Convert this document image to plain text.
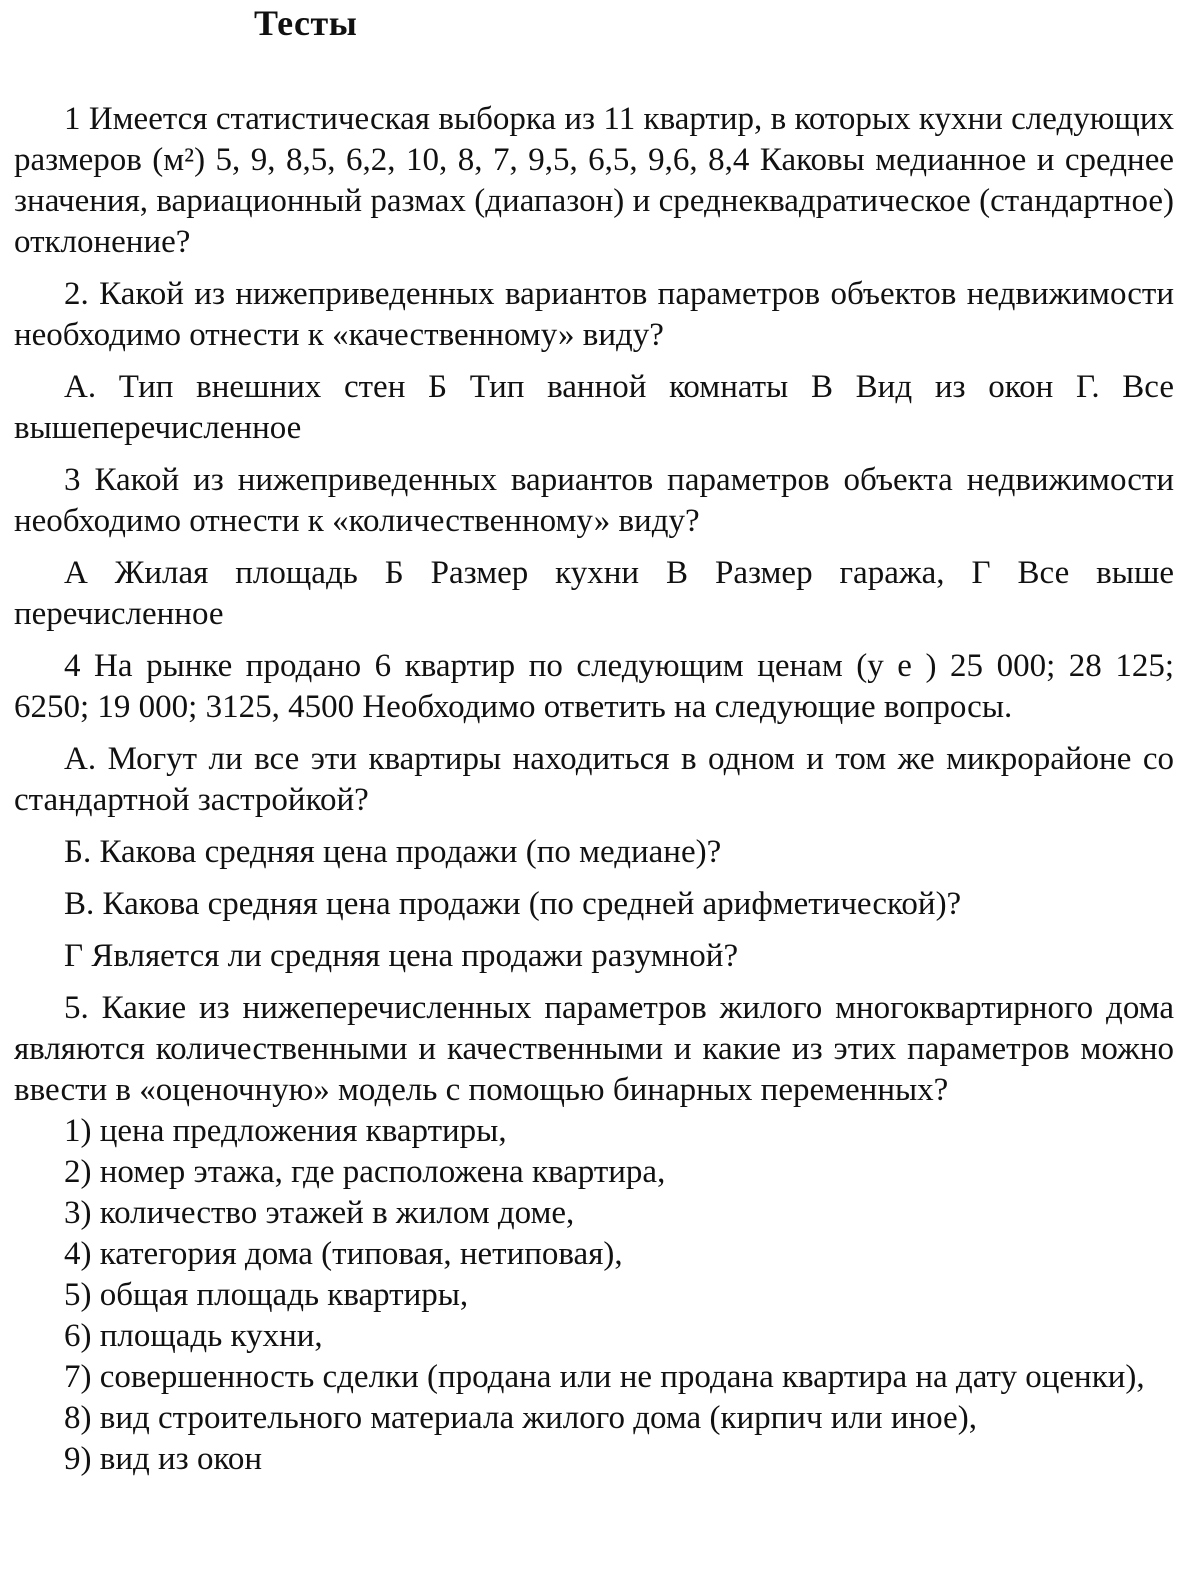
Тесты

1 Имеется статистическая выборка из 11 квартир, в которых кухни следующих размеров (м²) 5, 9, 8,5, 6,2, 10, 8, 7, 9,5, 6,5, 9,6, 8,4 Каковы медианное и среднее значения, вариационный размах (диапазон) и среднеквадратическое (стандартное) отклонение?

2. Какой из нижеприведенных вариантов параметров объектов недвижимости необходимо отнести к «качественному» виду?

А. Тип внешних стен Б Тип ванной комнаты В Вид из окон Г. Все вышеперечисленное

3 Какой из нижеприведенных вариантов параметров объекта недвижимости необходимо отнести к «количественному» виду?

А Жилая площадь Б Размер кухни В Размер гаража, Г Все выше перечисленное

4 На рынке продано 6 квартир по следующим ценам (у е ) 25 000; 28 125; 6250; 19 000; 3125, 4500 Необходимо ответить на следующие вопросы.

А. Могут ли все эти квартиры находиться в одном и том же микрорайоне со стандартной застройкой?

Б. Какова средняя цена продажи (по медиане)?

В. Какова средняя цена продажи (по средней арифметической)?

Г Является ли средняя цена продажи разумной?

5. Какие из нижеперечисленных параметров жилого многоквартирного дома являются количественными и качественными и какие из этих параметров можно ввести в «оценочную» модель с помощью бинарных переменных?

1) цена предложения квартиры,

2) номер этажа, где расположена квартира,

3) количество этажей в жилом доме,

4) категория дома (типовая, нетиповая),

5) общая площадь квартиры,

6) площадь кухни,

7) совершенность сделки (продана или не продана квартира на дату оценки),

8) вид строительного материала жилого дома (кирпич или иное),

9) вид из окон
